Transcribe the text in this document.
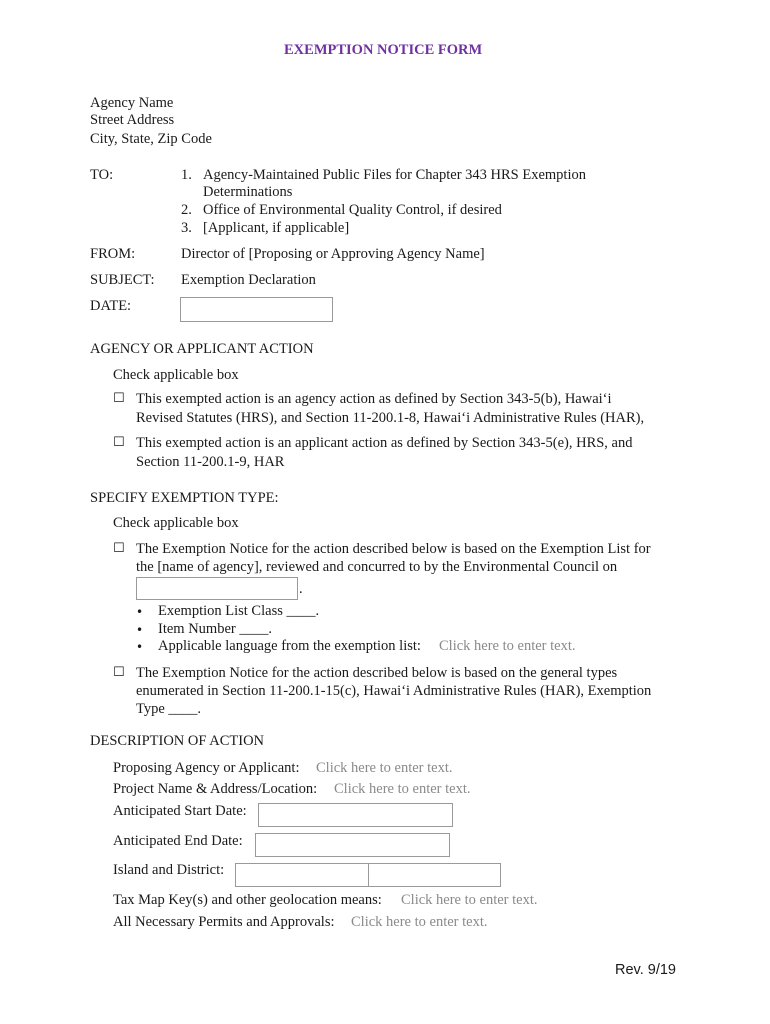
EXEMPTION NOTICE FORM
Agency Name
Street Address
City, State, Zip Code
TO:	1. Agency-Maintained Public Files for Chapter 343 HRS Exemption
Determinations
2. Office of Environmental Quality Control, if desired
3. [Applicant, if applicable]
FROM:	Director of [Proposing or Approving Agency Name]
SUBJECT: Exemption Declaration
DATE:
AGENCY OR APPLICANT ACTION
Check applicable box
☐ This exempted action is an agency action as defined by Section 343-5(b), Hawai‘i
Revised Statutes (HRS), and Section 11-200.1-8, Hawai‘i Administrative Rules (HAR),
☐ This exempted action is an applicant action as defined by Section 343-5(e), HRS, and
Section 11-200.1-9, HAR
SPECIFY EXEMPTION TYPE:
Check applicable box
☐ The Exemption Notice for the action described below is based on the Exemption List for
the [name of agency], reviewed and concurred to by the Environmental Council on
.
• Exemption List Class ____.
• Item Number ____.
• Applicable language from the exemption list: Click here to enter text.
☐ The Exemption Notice for the action described below is based on the general types
enumerated in Section 11-200.1-15(c), Hawai‘i Administrative Rules (HAR), Exemption
Type ____.
DESCRIPTION OF ACTION
Proposing Agency or Applicant: Click here to enter text.
Project Name & Address/Location: Click here to enter text.
Anticipated Start Date:
Anticipated End Date:
Island and District:
Tax Map Key(s) and other geolocation means: Click here to enter text.
All Necessary Permits and Approvals: Click here to enter text.
Rev. 9/19
